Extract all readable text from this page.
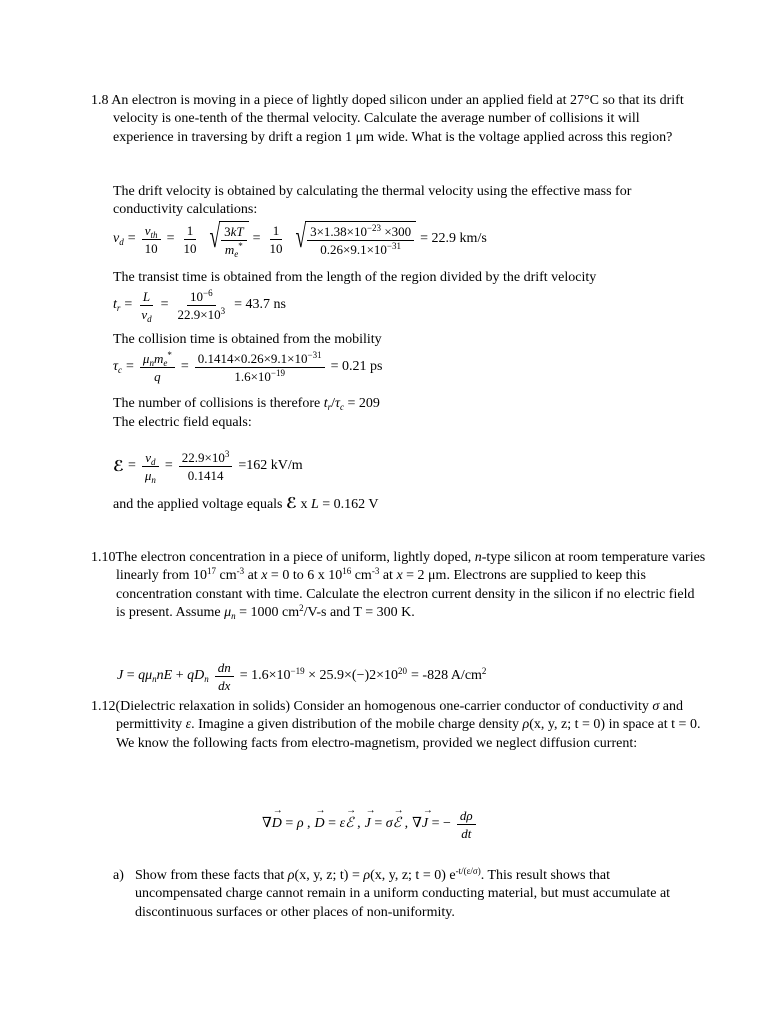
1.8 An electron is moving in a piece of lightly doped silicon under an applied field at 27°C so that its drift velocity is one-tenth of the thermal velocity. Calculate the average number of collisions it will experience in traversing by drift a region 1 μm wide. What is the voltage applied across this region?
The drift velocity is obtained by calculating the thermal velocity using the effective mass for conductivity calculations:
$v_d = \frac{v_{th}}{10} = \frac{1}{10}$ √ $\frac{3kT}{m_e^*} = \frac{1}{10}$ √ $\frac{3\times 1.38\times 10^{-23} \times 300}{0.26\times 9.1\times 10^{-31}} = 22.9$ km/s
The transist time is obtained from the length of the region divided by the drift velocity
$t_r = \frac{L}{v_d} = \frac{10^{-6}}{22.9\times 10^3} = 43.7$ ns
The collision time is obtained from the mobility
$\tau_c = \frac{\mu_nm_e^*}{q} = \frac{0.1414\times 0.26\times 9.1\times 10^{-31}}{1.6\times 10^{-19}} = 0.21$ ps
The number of collisions is therefore $t_r/\tau_c = 209$
The electric field equals:
ℰ = $\frac{v_d}{\mu_n} = \frac{22.9\times 10^3}{0.1414} =162$ kV/m
and the applied voltage equals ℰ x L = 0.162 V
1.10The electron concentration in a piece of uniform, lightly doped, n-type silicon at room temperature varies linearly from $10^{17}$ $cm^{-3}$ at x = 0 to 6 x $10^{16}$ $cm^{-3}$ at x = 2 μm. Electrons are supplied to keep this concentration constant with time. Calculate the electron current density in the silicon if no electric field is present. Assume $\mu_n = 1000$ $cm^2/V-s$ and T = 300 K.
$J = q\mu_nnE + qD_n \frac{dn}{dx} = 1.6\times 10^{-19} \times 25.9\times(-)2\times 10^{20} = -828$ $A/cm^2$
1.12(Dielectric relaxation in solids) Consider an homogenous one-carrier conductor of conductivity σ and permittivity ε. Imagine a given distribution of the mobile charge density ρ(x, y, z; t = 0) in space at t = 0. We know the following facts from electro-magnetism, provided we neglect diffusion current:
∇→ D = ρ , → D = ε→ ℰ , → J = σ→ ℰ , ∇→ J = − $\frac{d\rho}{dt}$
a) Show from these facts that ρ(x, y, z; t) = ρ(x, y, z; t = 0) $e^{-t/(\varepsilon/\sigma)}$. This result shows that uncompensated charge cannot remain in a uniform conducting material, but must accumulate at discontinuous surfaces or other places of non-uniformity.
